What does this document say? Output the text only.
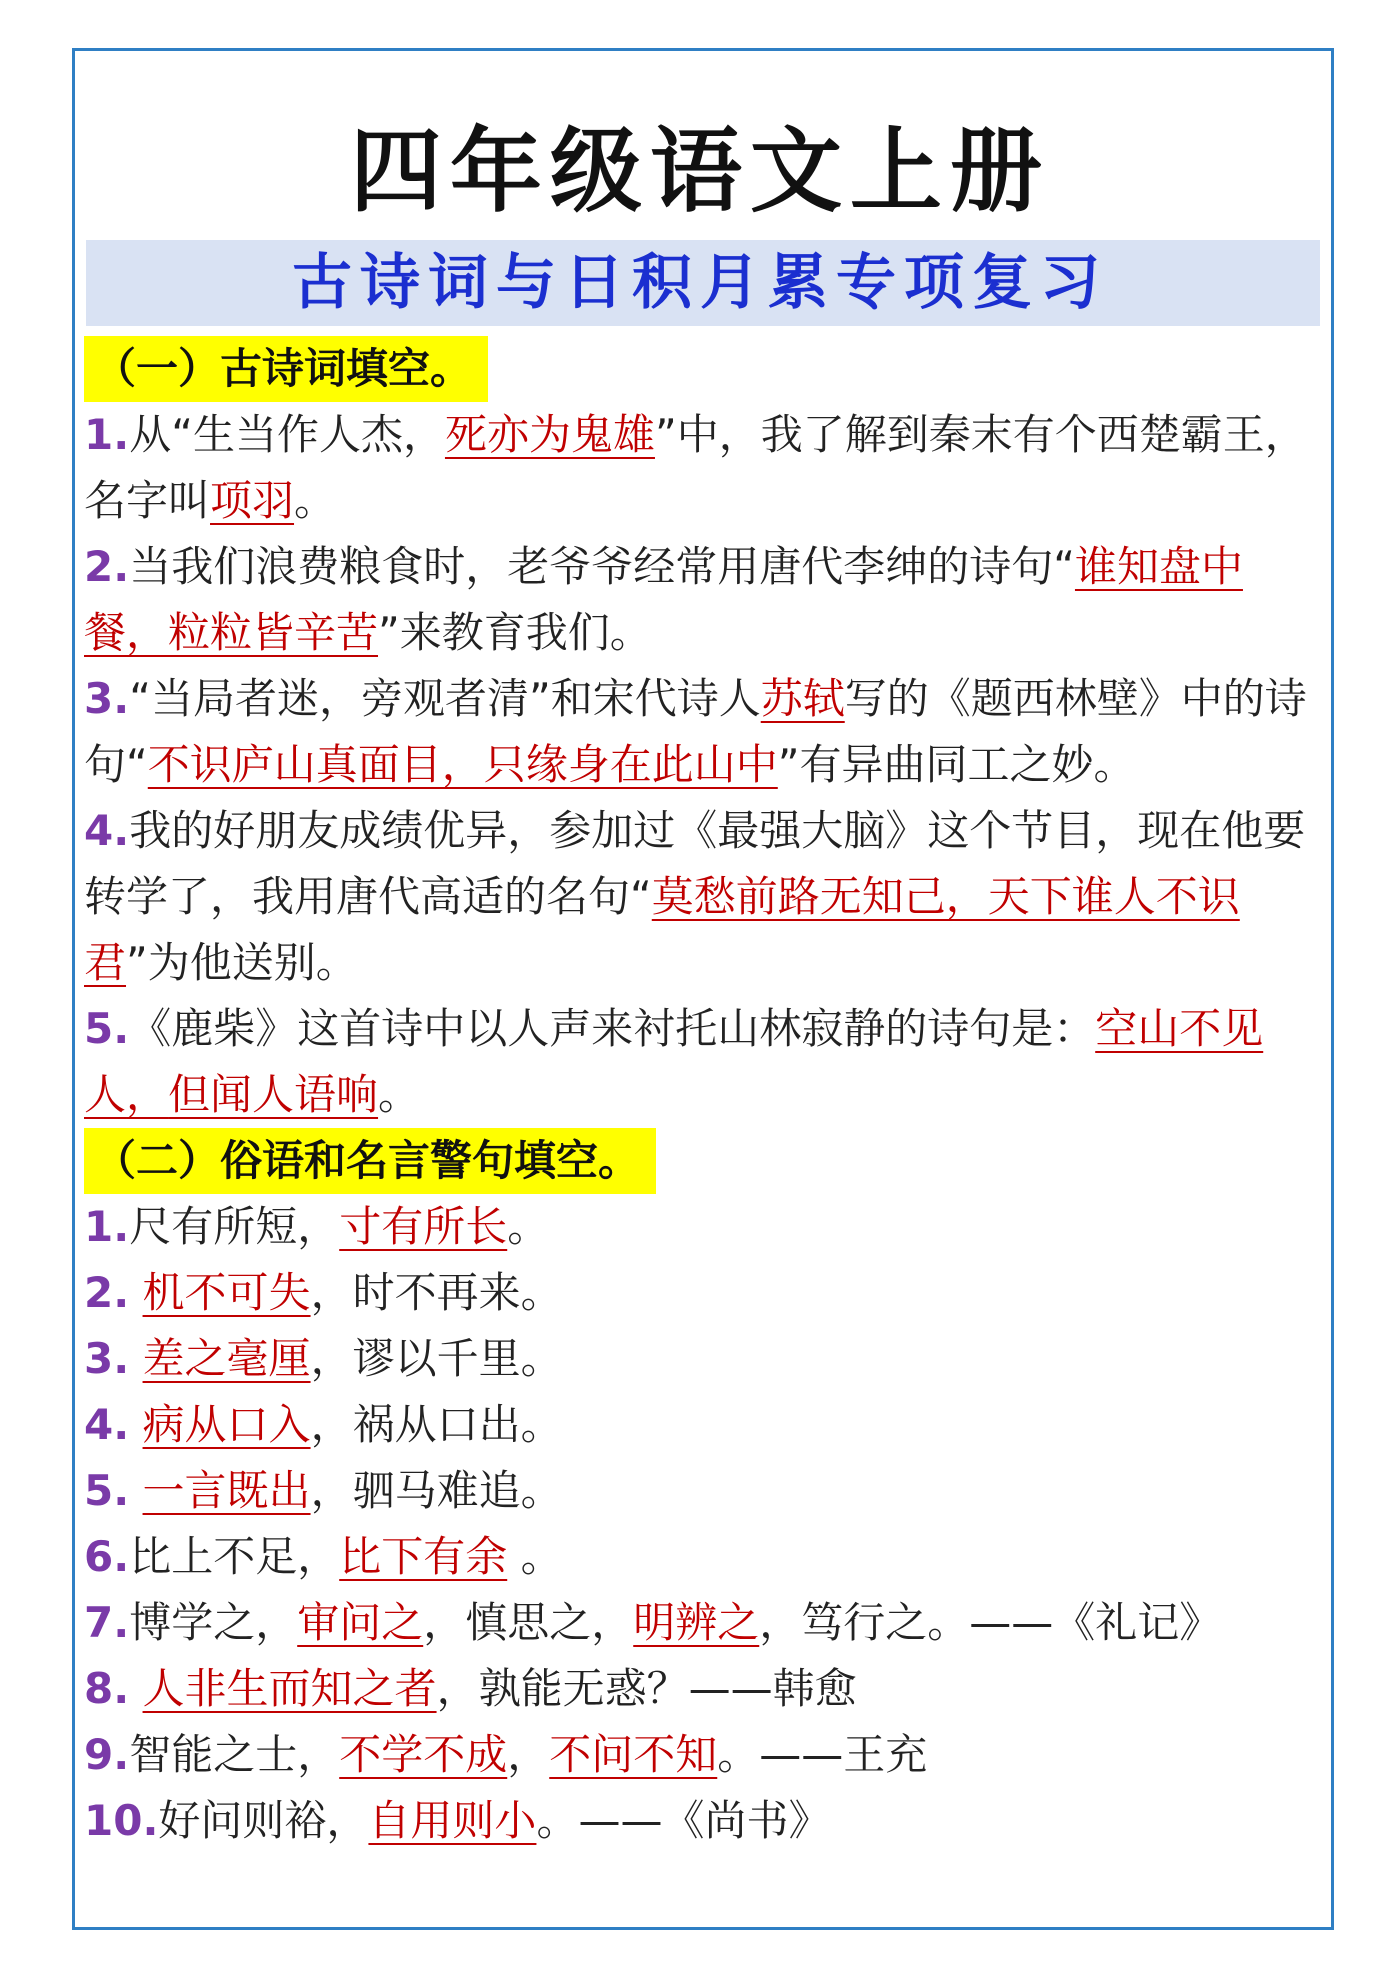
四年级语文上册
古诗词与日积月累专项复习
（一）古诗词填空。

1.从“生当作人杰，死亦为鬼雄”中，我了解到秦末有个西楚霸王，名字叫项羽。

2.当我们浪费粮食时，老爷爷经常用唐代李绅的诗句“谁知盘中餐，粒粒皆辛苦”来教育我们。

3.“当局者迷，旁观者清”和宋代诗人苏轼写的《题西林壁》中的诗句“不识庐山真面目，只缘身在此山中”有异曲同工之妙。

4.我的好朋友成绩优异，参加过《最强大脑》这个节目，现在他要转学了，我用唐代高适的名句“莫愁前路无知己，天下谁人不识君”为他送别。

5.《鹿柴》这首诗中以人声来衬托山林寂静的诗句是：空山不见人，但闻人语响。

（二）俗语和名言警句填空。

1.尺有所短，寸有所长。

2. 机不可失，时不再来。

3. 差之毫厘，谬以千里。

4. 病从口入，祸从口出。

5. 一言既出，驷马难追。

6.比上不足，比下有余 。

7.博学之，审问之，慎思之，明辨之，笃行之。——《礼记》

8. 人非生而知之者，孰能无惑？——韩愈

9.智能之士，不学不成，不问不知。——王充

10.好问则裕，自用则小。——《尚书》
